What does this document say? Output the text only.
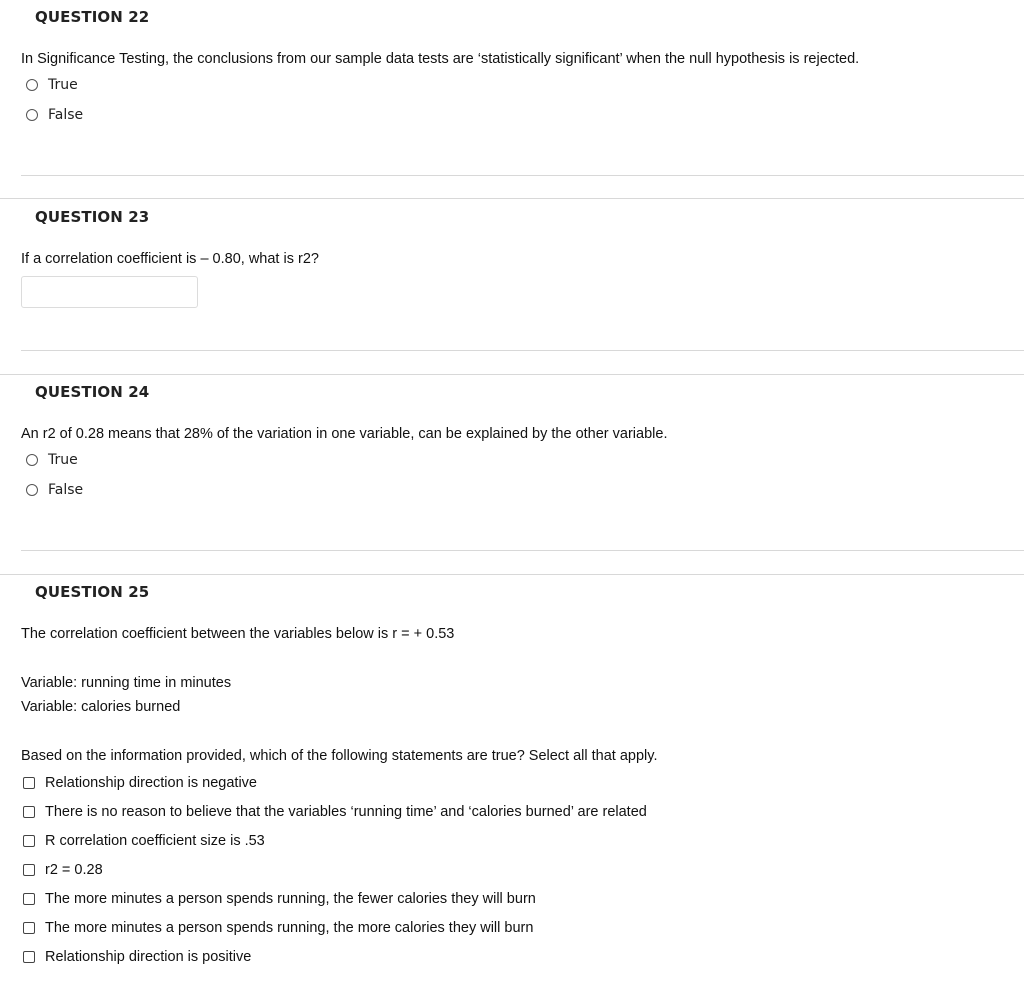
QUESTION 22
In Significance Testing, the conclusions from our sample data tests are ‘statistically significant’ when the null hypothesis is rejected.
True
False
QUESTION 23
If a correlation coefficient is – 0.80, what is r2?
QUESTION 24
An r2 of 0.28 means that 28% of the variation in one variable, can be explained by the other variable.
True
False
QUESTION 25
The correlation coefficient between the variables below is r = + 0.53
Variable: running time in minutes
Variable: calories burned
Based on the information provided, which of the following statements are true? Select all that apply.
Relationship direction is negative
There is no reason to believe that the variables ‘running time’ and ‘calories burned’ are related
R correlation coefficient size is .53
r2 = 0.28
The more minutes a person spends running, the fewer calories they will burn
The more minutes a person spends running, the more calories they will burn
Relationship direction is positive
